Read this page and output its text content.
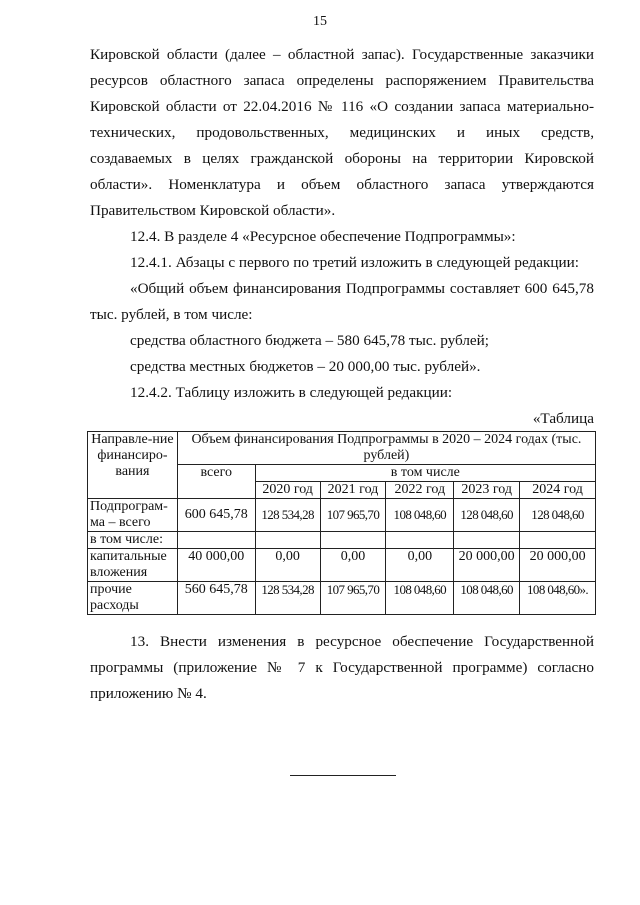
15

Кировской области (далее – областной запас). Государственные заказчики ресурсов областного запаса определены распоряжением Правительства Кировской области от 22.04.2016 № 116 «О создании запаса материально-технических, продовольственных, медицинских и иных средств, создаваемых в целях гражданской обороны на территории Кировской области». Номенклатура и объем областного запаса утверждаются Правительством Кировской области».

12.4. В разделе 4 «Ресурсное обеспечение Подпрограммы»:

12.4.1. Абзацы с первого по третий изложить в следующей редакции:

«Общий объем финансирования Подпрограммы составляет 600 645,78 тыс. рублей, в том числе:

средства областного бюджета – 580 645,78 тыс. рублей;

средства местных бюджетов – 20 000,00 тыс. рублей».

12.4.2. Таблицу изложить в следующей редакции:

«Таблица

Направле-ние финансиро-вания	Объем финансирования Подпрограммы в 2020 – 2024 годах (тыс. рублей)					
	всего	в том числе				
		2020 год	2021 год	2022 год	2023 год	2024 год
Подпрограм-ма – всего	600 645,78	128 534,28	107 965,70	108 048,60	128 048,60	128 048,60
в том числе:						
капитальные вложения	40 000,00	0,00	0,00	0,00	20 000,00	20 000,00
прочие расходы	560 645,78	128 534,28	107 965,70	108 048,60	108 048,60	108 048,60».

13. Внести изменения в ресурсное обеспечение Государственной программы (приложение № 7 к Государственной программе) согласно приложению № 4.
